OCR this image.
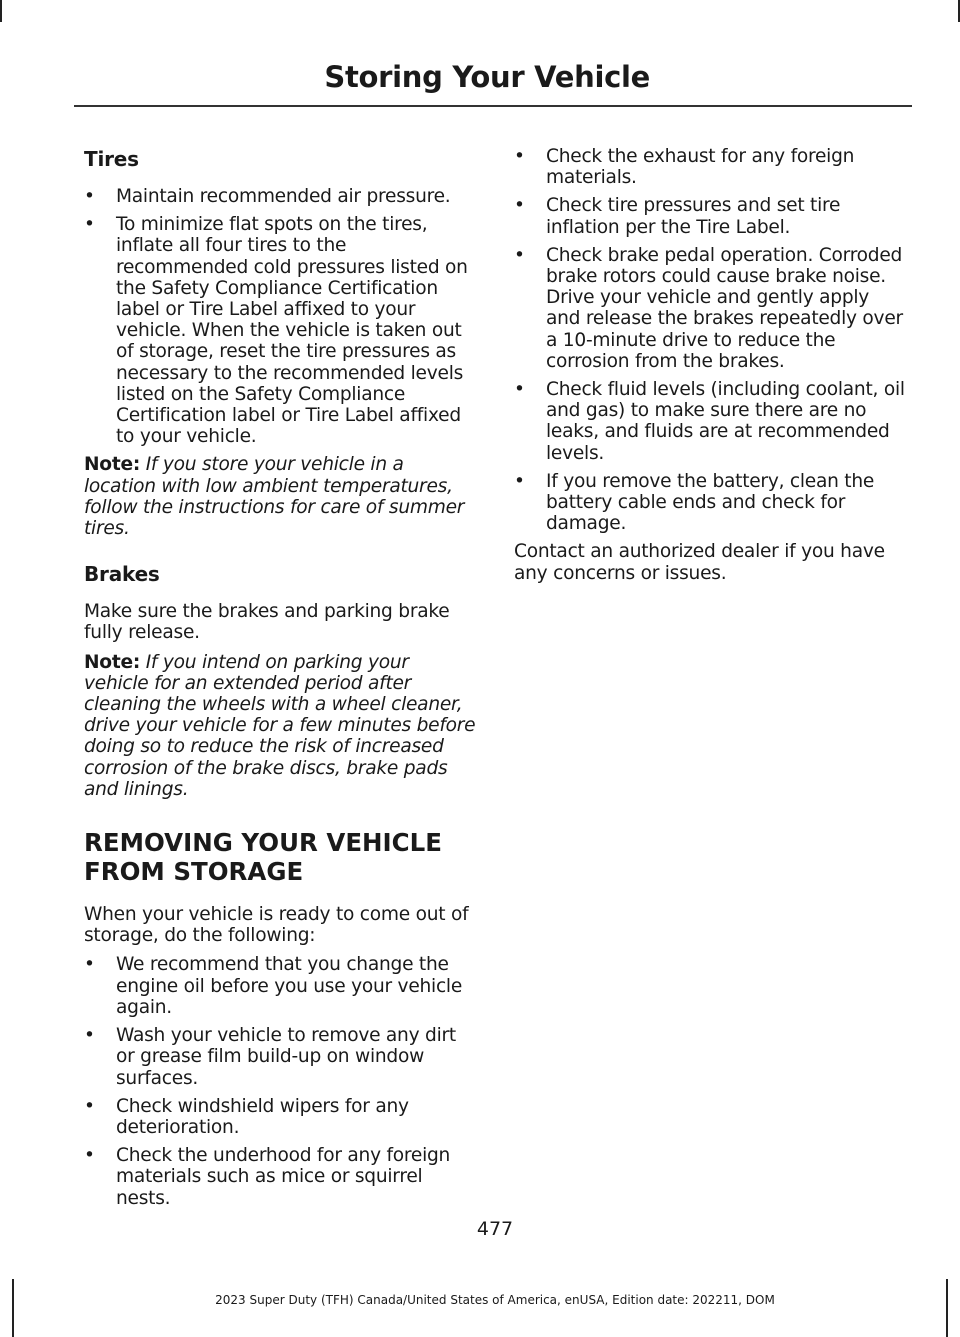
Storing Your Vehicle
Tires
•	Maintain recommended air pressure.
•	To minimize flat spots on the tires, inflate all four tires to the recommended cold pressures listed on the Safety Compliance Certification label or Tire Label affixed to your vehicle. When the vehicle is taken out of storage, reset the tire pressures as necessary to the recommended levels listed on the Safety Compliance Certification label or Tire Label affixed to your vehicle.

Note: If you store your vehicle in a location with low ambient temperatures, follow the instructions for care of summer tires.

Brakes

Make sure the brakes and parking brake fully release.

Note: If you intend on parking your vehicle for an extended period after cleaning the wheels with a wheel cleaner, drive your vehicle for a few minutes before doing so to reduce the risk of increased corrosion of the brake discs, brake pads and linings.

REMOVING YOUR VEHICLE
FROM STORAGE

When your vehicle is ready to come out of storage, do the following:

•	We recommend that you change the engine oil before you use your vehicle again.
•	Wash your vehicle to remove any dirt or grease film build-up on window surfaces.
•	Check windshield wipers for any deterioration.
•	Check the underhood for any foreign materials such as mice or squirrel nests.
•	Check the exhaust for any foreign materials.
•	Check tire pressures and set tire inflation per the Tire Label.
•	Check brake pedal operation. Corroded brake rotors could cause brake noise. Drive your vehicle and gently apply and release the brakes repeatedly over a 10-minute drive to reduce the corrosion from the brakes.
•	Check fluid levels (including coolant, oil and gas) to make sure there are no leaks, and fluids are at recommended levels.
•	If you remove the battery, clean the battery cable ends and check for damage.

Contact an authorized dealer if you have any concerns or issues.

477
2023 Super Duty (TFH) Canada/United States of America, enUSA, Edition date: 202211, DOM
